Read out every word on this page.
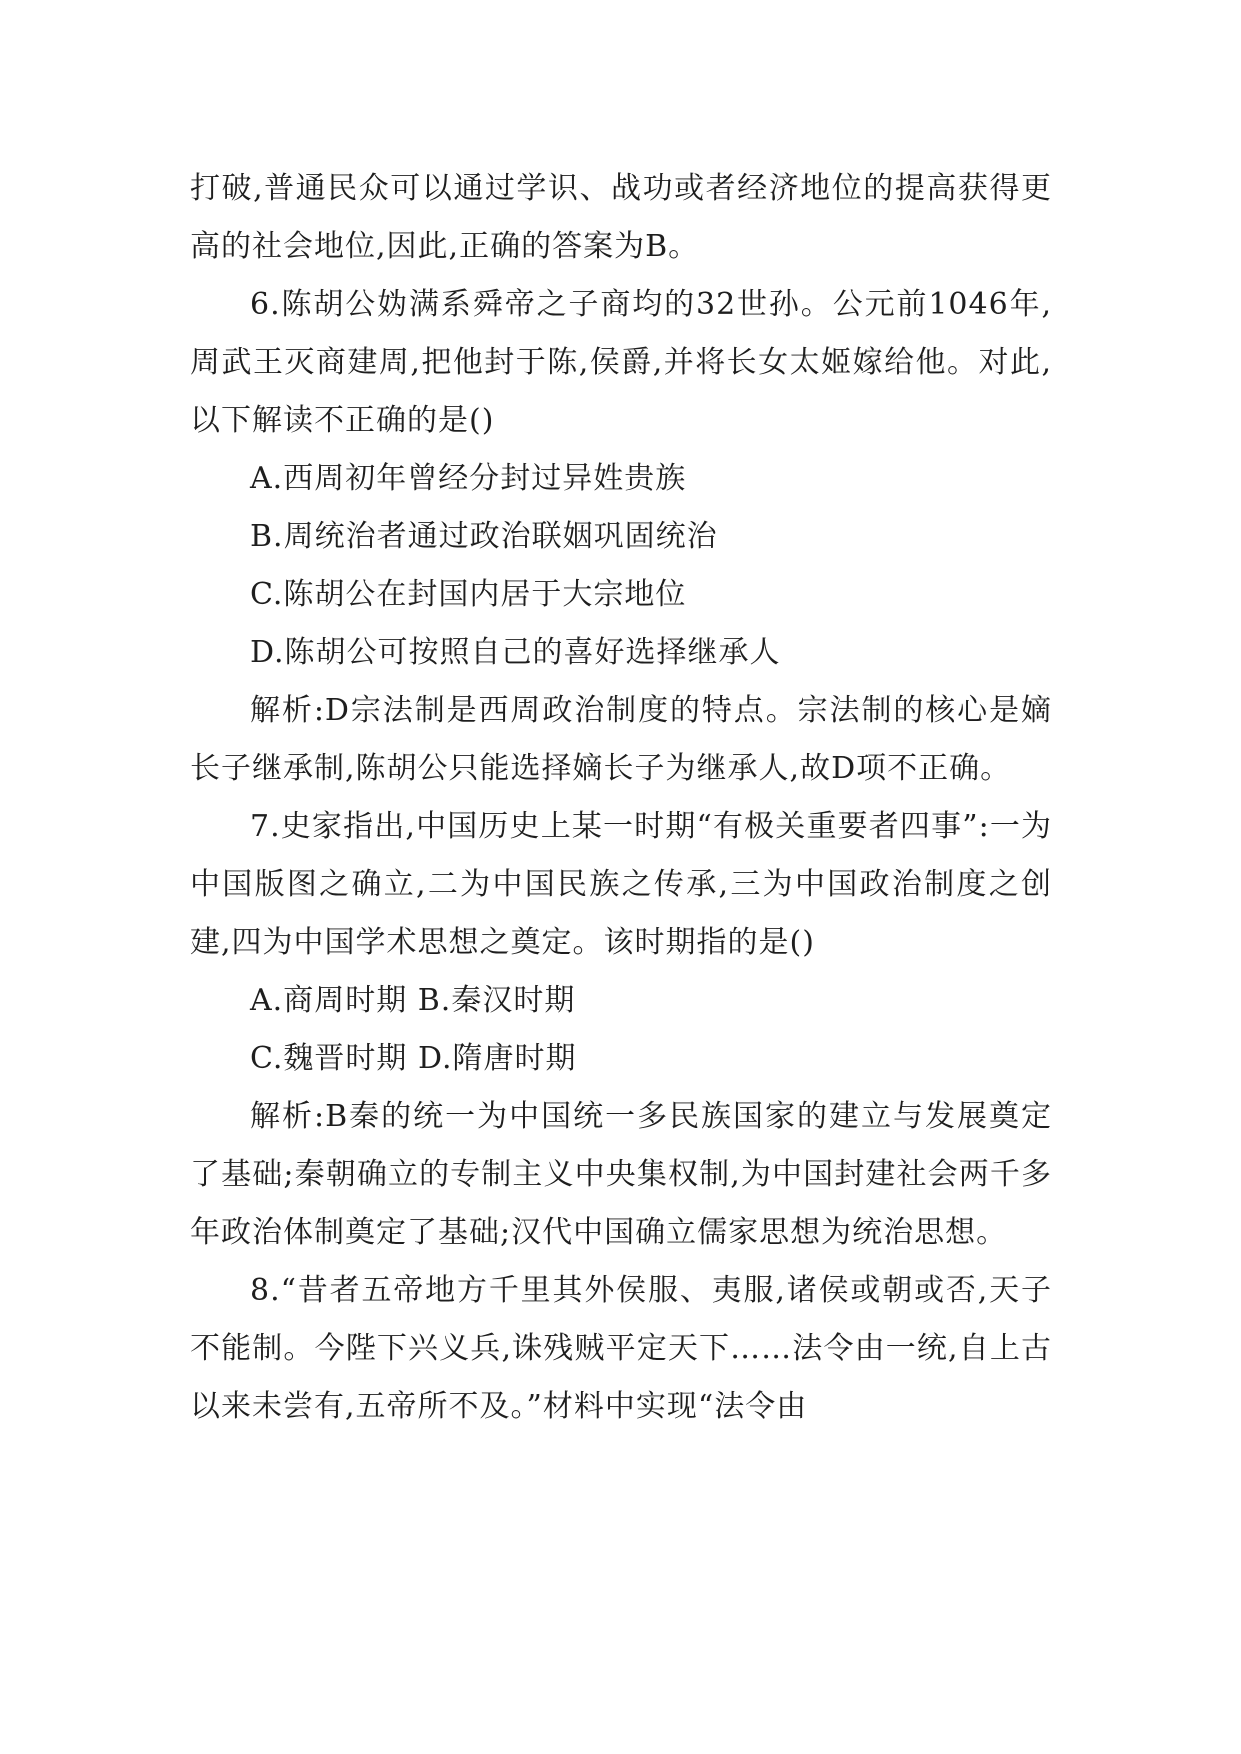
打破,普通民众可以通过学识、战功或者经济地位的提高获得更高的社会地位,因此,正确的答案为B。

6.陈胡公妫满系舜帝之子商均的32世孙。公元前1046年,周武王灭商建周,把他封于陈,侯爵,并将长女太姬嫁给他。对此,以下解读不正确的是()

A.西周初年曾经分封过异姓贵族

B.周统治者通过政治联姻巩固统治

C.陈胡公在封国内居于大宗地位

D.陈胡公可按照自己的喜好选择继承人

解析:D宗法制是西周政治制度的特点。宗法制的核心是嫡长子继承制,陈胡公只能选择嫡长子为继承人,故D项不正确。

7.史家指出,中国历史上某一时期“有极关重要者四事”:一为中国版图之确立,二为中国民族之传承,三为中国政治制度之创建,四为中国学术思想之奠定。该时期指的是()

A.商周时期 B.秦汉时期

C.魏晋时期 D.隋唐时期

解析:B秦的统一为中国统一多民族国家的建立与发展奠定了基础;秦朝确立的专制主义中央集权制,为中国封建社会两千多年政治体制奠定了基础;汉代中国确立儒家思想为统治思想。

8.“昔者五帝地方千里其外侯服、夷服,诸侯或朝或否,天子不能制。今陛下兴义兵,诛残贼平定天下……法令由一统,自上古以来未尝有,五帝所不及。”材料中实现“法令由
